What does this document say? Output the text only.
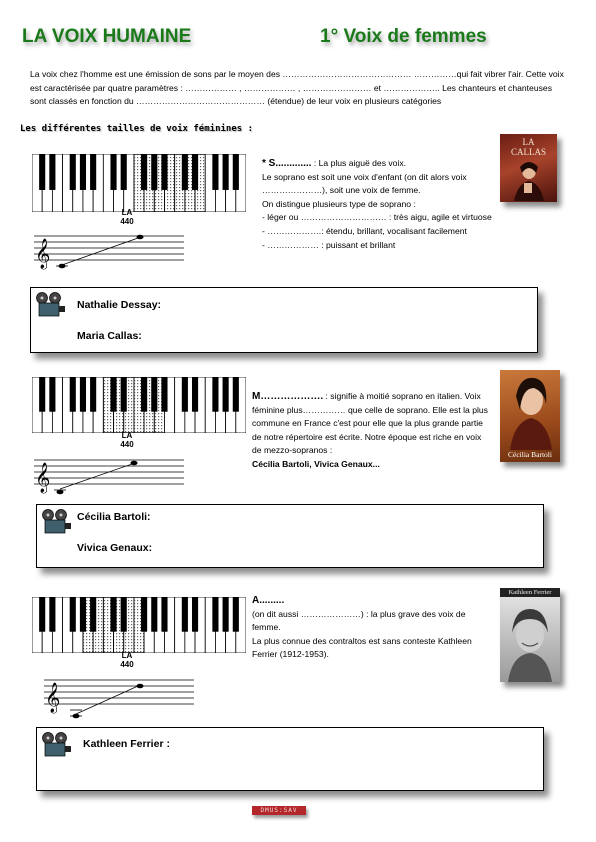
LA VOIX HUMAINE	1° Voix de femmes
La voix chez l'homme est une émission de sons par le moyen des ……………………………………… ……………qui fait vibrer l'air. Cette voix est caractérisée par quatre paramètres : ……………… , ……………… , …………………… et ……………….. Les chanteurs et chanteuses sont classés en fonction du ……………………………………… (étendue) de leur voix en plusieurs catégories
Les différentes tailles de voix féminines :
LA
440
𝄞
* S............. : La plus aiguë des voix.
Le soprano est soit une voix d'enfant (on dit alors voix …………………), soit une voix de femme.
On distingue plusieurs type de soprano :
- léger ou ………………………… : très aigu, agile et virtuose
- ……………….: étendu, brillant, vocalisant facilement
- ……………… : puissant et brillant
LA
CALLAS
Nathalie Dessay:
Maria Callas:
LA
440
𝄞
M………………. : signifie à moitié soprano en italien. Voix féminine plus…………… que celle de soprano. Elle est la plus commune en France c'est pour elle que la plus grande partie de notre répertoire est écrite. Notre époque est riche en voix de mezzo-sopranos :
Cécilia Bartoli, Vivica Genaux...
Cécilia Bartoli
Cécilia Bartoli:
Vivica Genaux:
LA
440
𝄞
A.........
(on dit aussi …………………) : la plus grave des voix de femme.
La plus connue des contraltos est sans conteste Kathleen Ferrier (1912-1953).
Kathleen Ferrier
Kathleen Ferrier :
DMUS:SAV
